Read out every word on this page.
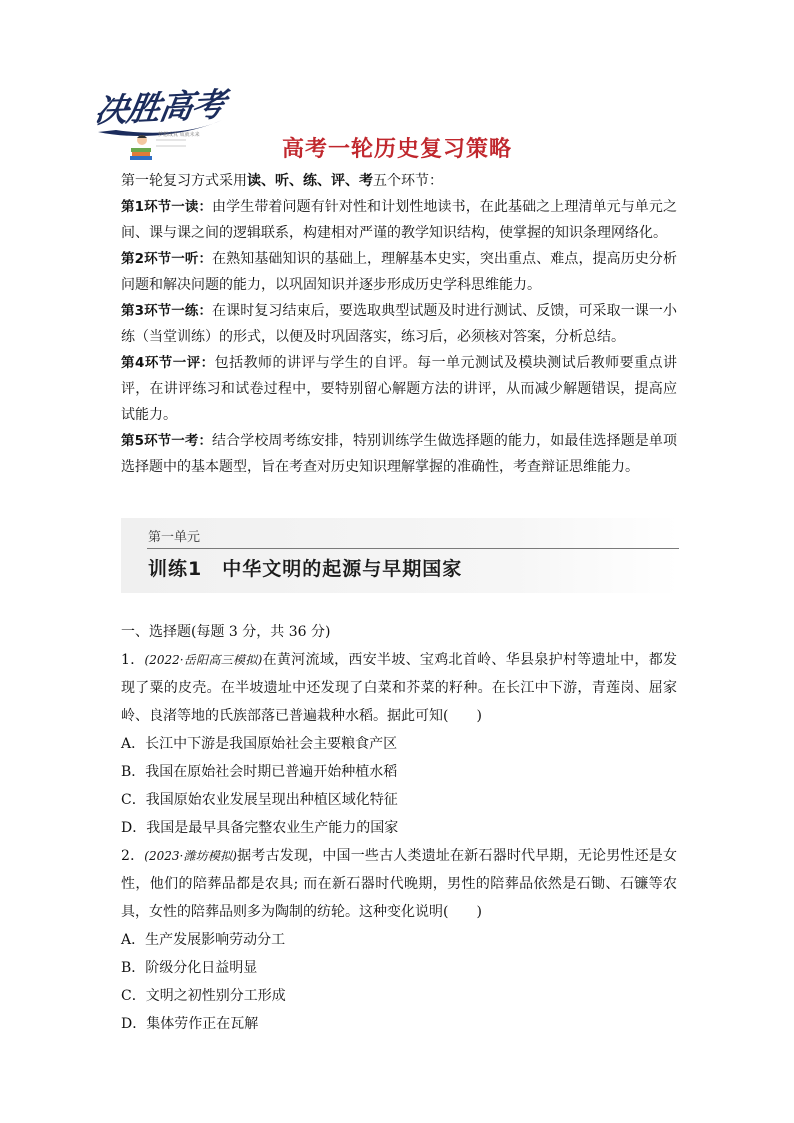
决胜高考
梦想成真 成就未来
高考一轮历史复习策略

第一轮复习方式采用读、听、练、评、考五个环节：

第1环节一读：由学生带着问题有针对性和计划性地读书，在此基础之上理清单元与单元之间、课与课之间的逻辑联系，构建相对严谨的教学知识结构，使掌握的知识条理网络化。

第2环节一听：在熟知基础知识的基础上，理解基本史实，突出重点、难点，提高历史分析问题和解决问题的能力，以巩固知识并逐步形成历史学科思维能力。

第3环节一练：在课时复习结束后，要选取典型试题及时进行测试、反馈，可采取一课一小练（当堂训练）的形式，以便及时巩固落实，练习后，必须核对答案，分析总结。

第4环节一评：包括教师的讲评与学生的自评。每一单元测试及模块测试后教师要重点讲评，在讲评练习和试卷过程中，要特别留心解题方法的讲评，从而减少解题错误，提高应试能力。

第5环节一考：结合学校周考练安排，特别训练学生做选择题的能力，如最佳选择题是单项选择题中的基本题型，旨在考查对历史知识理解掌握的准确性，考查辩证思维能力。

第一单元
训练1　中华文明的起源与早期国家

一、选择题(每题 3 分，共 36 分)

1．(2022·岳阳高三模拟)在黄河流域，西安半坡、宝鸡北首岭、华县泉护村等遗址中，都发现了粟的皮壳。在半坡遗址中还发现了白菜和芥菜的籽种。在长江中下游，青莲岗、屈家岭、良渚等地的氏族部落已普遍栽种水稻。据此可知(　　)

A．长江中下游是我国原始社会主要粮食产区

B．我国在原始社会时期已普遍开始种植水稻

C．我国原始农业发展呈现出种植区域化特征

D．我国是最早具备完整农业生产能力的国家

2．(2023·潍坊模拟)据考古发现，中国一些古人类遗址在新石器时代早期，无论男性还是女性，他们的陪葬品都是农具; 而在新石器时代晚期，男性的陪葬品依然是石锄、石镰等农具，女性的陪葬品则多为陶制的纺轮。这种变化说明(　　)

A．生产发展影响劳动分工

B．阶级分化日益明显

C．文明之初性别分工形成

D．集体劳作正在瓦解
